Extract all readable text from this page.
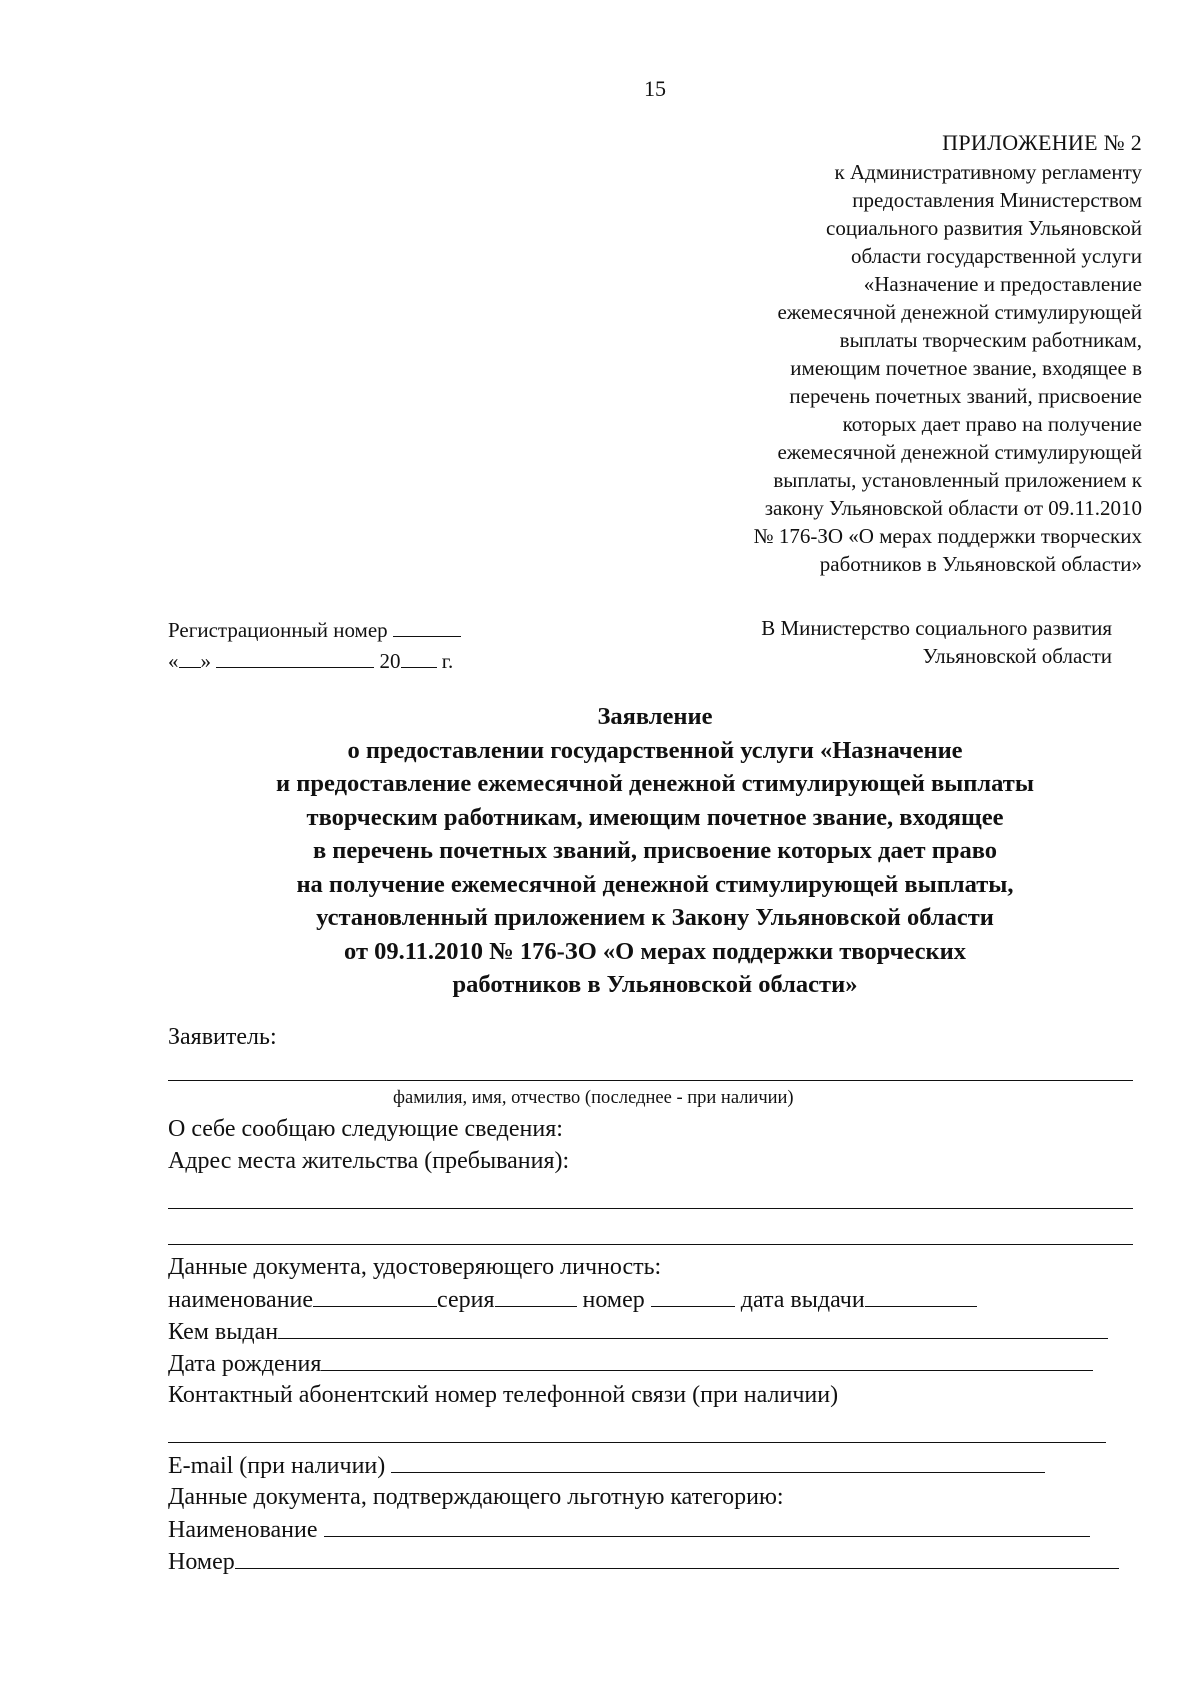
15
ПРИЛОЖЕНИЕ № 2
к Административному регламенту
предоставления Министерством
социального развития Ульяновской
области государственной услуги
«Назначение и предоставление
ежемесячной денежной стимулирующей
выплаты творческим работникам,
имеющим почетное звание, входящее в
перечень почетных званий, присвоение
которых дает право на получение
ежемесячной денежной стимулирующей
выплаты, установленный приложением к
закону Ульяновской области от 09.11.2010
№ 176-ЗО «О мерах поддержки творческих
работников в Ульяновской области»
Регистрационный номер
« »	20 г.
В Министерство социального развития
Ульяновской области
Заявление
о предоставлении государственной услуги «Назначение
и предоставление ежемесячной денежной стимулирующей выплаты
творческим работникам, имеющим почетное звание, входящее
в перечень почетных званий, присвоение которых дает право
на получение ежемесячной денежной стимулирующей выплаты,
установленный приложением к Закону Ульяновской области
от 09.11.2010 № 176-ЗО «О мерах поддержки творческих
работников в Ульяновской области»
Заявитель:
фамилия, имя, отчество (последнее - при наличии)
О себе сообщаю следующие сведения:
Адрес места жительства (пребывания):
Данные документа, удостоверяющего личность:
наименование	серия	номер	дата выдачи
Кем выдан
Дата рождения
Контактный абонентский номер телефонной связи (при наличии)
E-mail (при наличии)
Данные документа, подтверждающего льготную категорию:
Наименование
Номер
